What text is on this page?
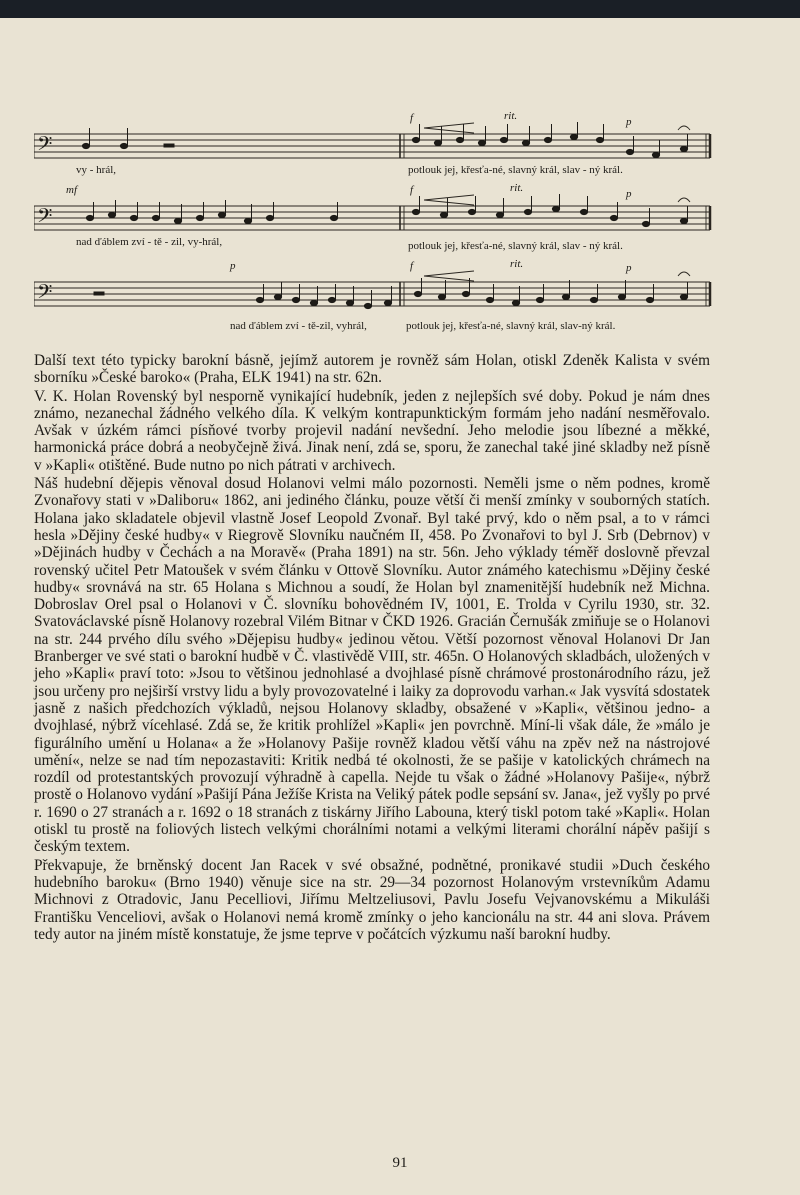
𝄢
𝄢
𝄢
f	rit.	p
vy - hrál,	potlouk jej, křesťa-né, slavný král, slav - ný král.
mf	f	rit.	p
nad ďáblem zví - tě - zil, vy-hrál,	potlouk jej, křesťa-né, slavný král, slav - ný král.
p	f	rit.	p
nad ďáblem zví - tě-zil, vyhrál,	potlouk jej, křesťa-né, slavný král, slav-ný král.

Další text této typicky barokní básně, jejímž autorem je rovněž sám Holan, otiskl Zdeněk Kalista v svém sborníku »České baroko« (Praha, ELK 1941) na str. 62n.

V. K. Holan Rovenský byl nesporně vynikající hudebník, jeden z nejlepších své doby. Pokud je nám dnes známo, nezanechal žádného velkého díla. K velkým kontrapunktickým formám jeho nadání nesměřovalo. Avšak v úzkém rámci písňové tvorby projevil nadání nevšední. Jeho melodie jsou líbezné a měkké, harmonická práce dobrá a neobyčejně živá. Jinak není, zdá se, sporu, že zanechal také jiné skladby než písně v »Kapli« otištěné. Bude nutno po nich pátrati v archivech.

Náš hudební dějepis věnoval dosud Holanovi velmi málo pozornosti. Neměli jsme o něm podnes, kromě Zvonařovy stati v »Daliboru« 1862, ani jediného článku, pouze větší či menší zmínky v souborných statích. Holana jako skladatele objevil vlastně Josef Leopold Zvonař. Byl také prvý, kdo o něm psal, a to v rámci hesla »Dějiny české hudby« v Riegrově Slovníku naučném II, 458. Po Zvonařovi to byl J. Srb (Debrnov) v »Dějinách hudby v Čechách a na Moravě« (Praha 1891) na str. 56n. Jeho výklady téměř doslovně převzal rovenský učitel Petr Matoušek v svém článku v Ottově Slovníku. Autor známého katechismu »Dějiny české hudby« srovnává na str. 65 Holana s Michnou a soudí, že Holan byl znamenitější hudebník než Michna. Dobroslav Orel psal o Holanovi v Č. slovníku bohovědném IV, 1001, E. Trolda v Cyrilu 1930, str. 32. Svatováclavské písně Holanovy rozebral Vilém Bitnar v ČKD 1926. Gracián Černušák zmiňuje se o Holanovi na str. 244 prvého dílu svého »Dějepisu hudby« jedinou větou. Větší pozornost věnoval Holanovi Dr Jan Branberger ve své stati o barokní hudbě v Č. vlastivědě VIII, str. 465n. O Holanových skladbách, uložených v jeho »Kapli« praví toto: »Jsou to většinou jednohlasé a dvojhlasé písně chrámové prostonárodního rázu, jež jsou určeny pro nejširší vrstvy lidu a byly provozovatelné i laiky za doprovodu varhan.« Jak vysvítá sdostatek jasně z našich předchozích výkladů, nejsou Holanovy skladby, obsažené v »Kapli«, většinou jedno- a dvojhlasé, nýbrž vícehlasé. Zdá se, že kritik prohlížel »Kapli« jen povrchně. Míní-li však dále, že »málo je figurálního umění u Holana« a že »Holanovy Pašije rovněž kladou větší váhu na zpěv než na nástrojové umění«, nelze se nad tím nepozastaviti: Kritik nedbá té okolnosti, že se pašije v katolických chrámech na rozdíl od protestantských provozují výhradně à capella. Nejde tu však o žádné »Holanovy Pašije«, nýbrž prostě o Holanovo vydání »Pašijí Pána Ježíše Krista na Veliký pátek podle sepsání sv. Jana«, jež vyšly po prvé r. 1690 o 27 stranách a r. 1692 o 18 stranách z tiskárny Jiřího Labouna, který tiskl potom také »Kapli«. Holan otiskl tu prostě na foliových listech velkými chorálními notami a velkými literami chorální nápěv pašijí s českým textem.

Překvapuje, že brněnský docent Jan Racek v své obsažné, podnětné, pronikavé studii »Duch českého hudebního baroku« (Brno 1940) věnuje sice na str. 29—34 pozornost Holanovým vrstevníkům Adamu Michnovi z Otradovic, Janu Pecelliovi, Jiřímu Meltzeliusovi, Pavlu Josefu Vejvanovskému a Mikuláši Františku Venceliovi, avšak o Holanovi nemá kromě zmínky o jeho kancionálu na str. 44 ani slova. Právem tedy autor na jiném místě konstatuje, že jsme teprve v počátcích výzkumu naší barokní hudby.

91
